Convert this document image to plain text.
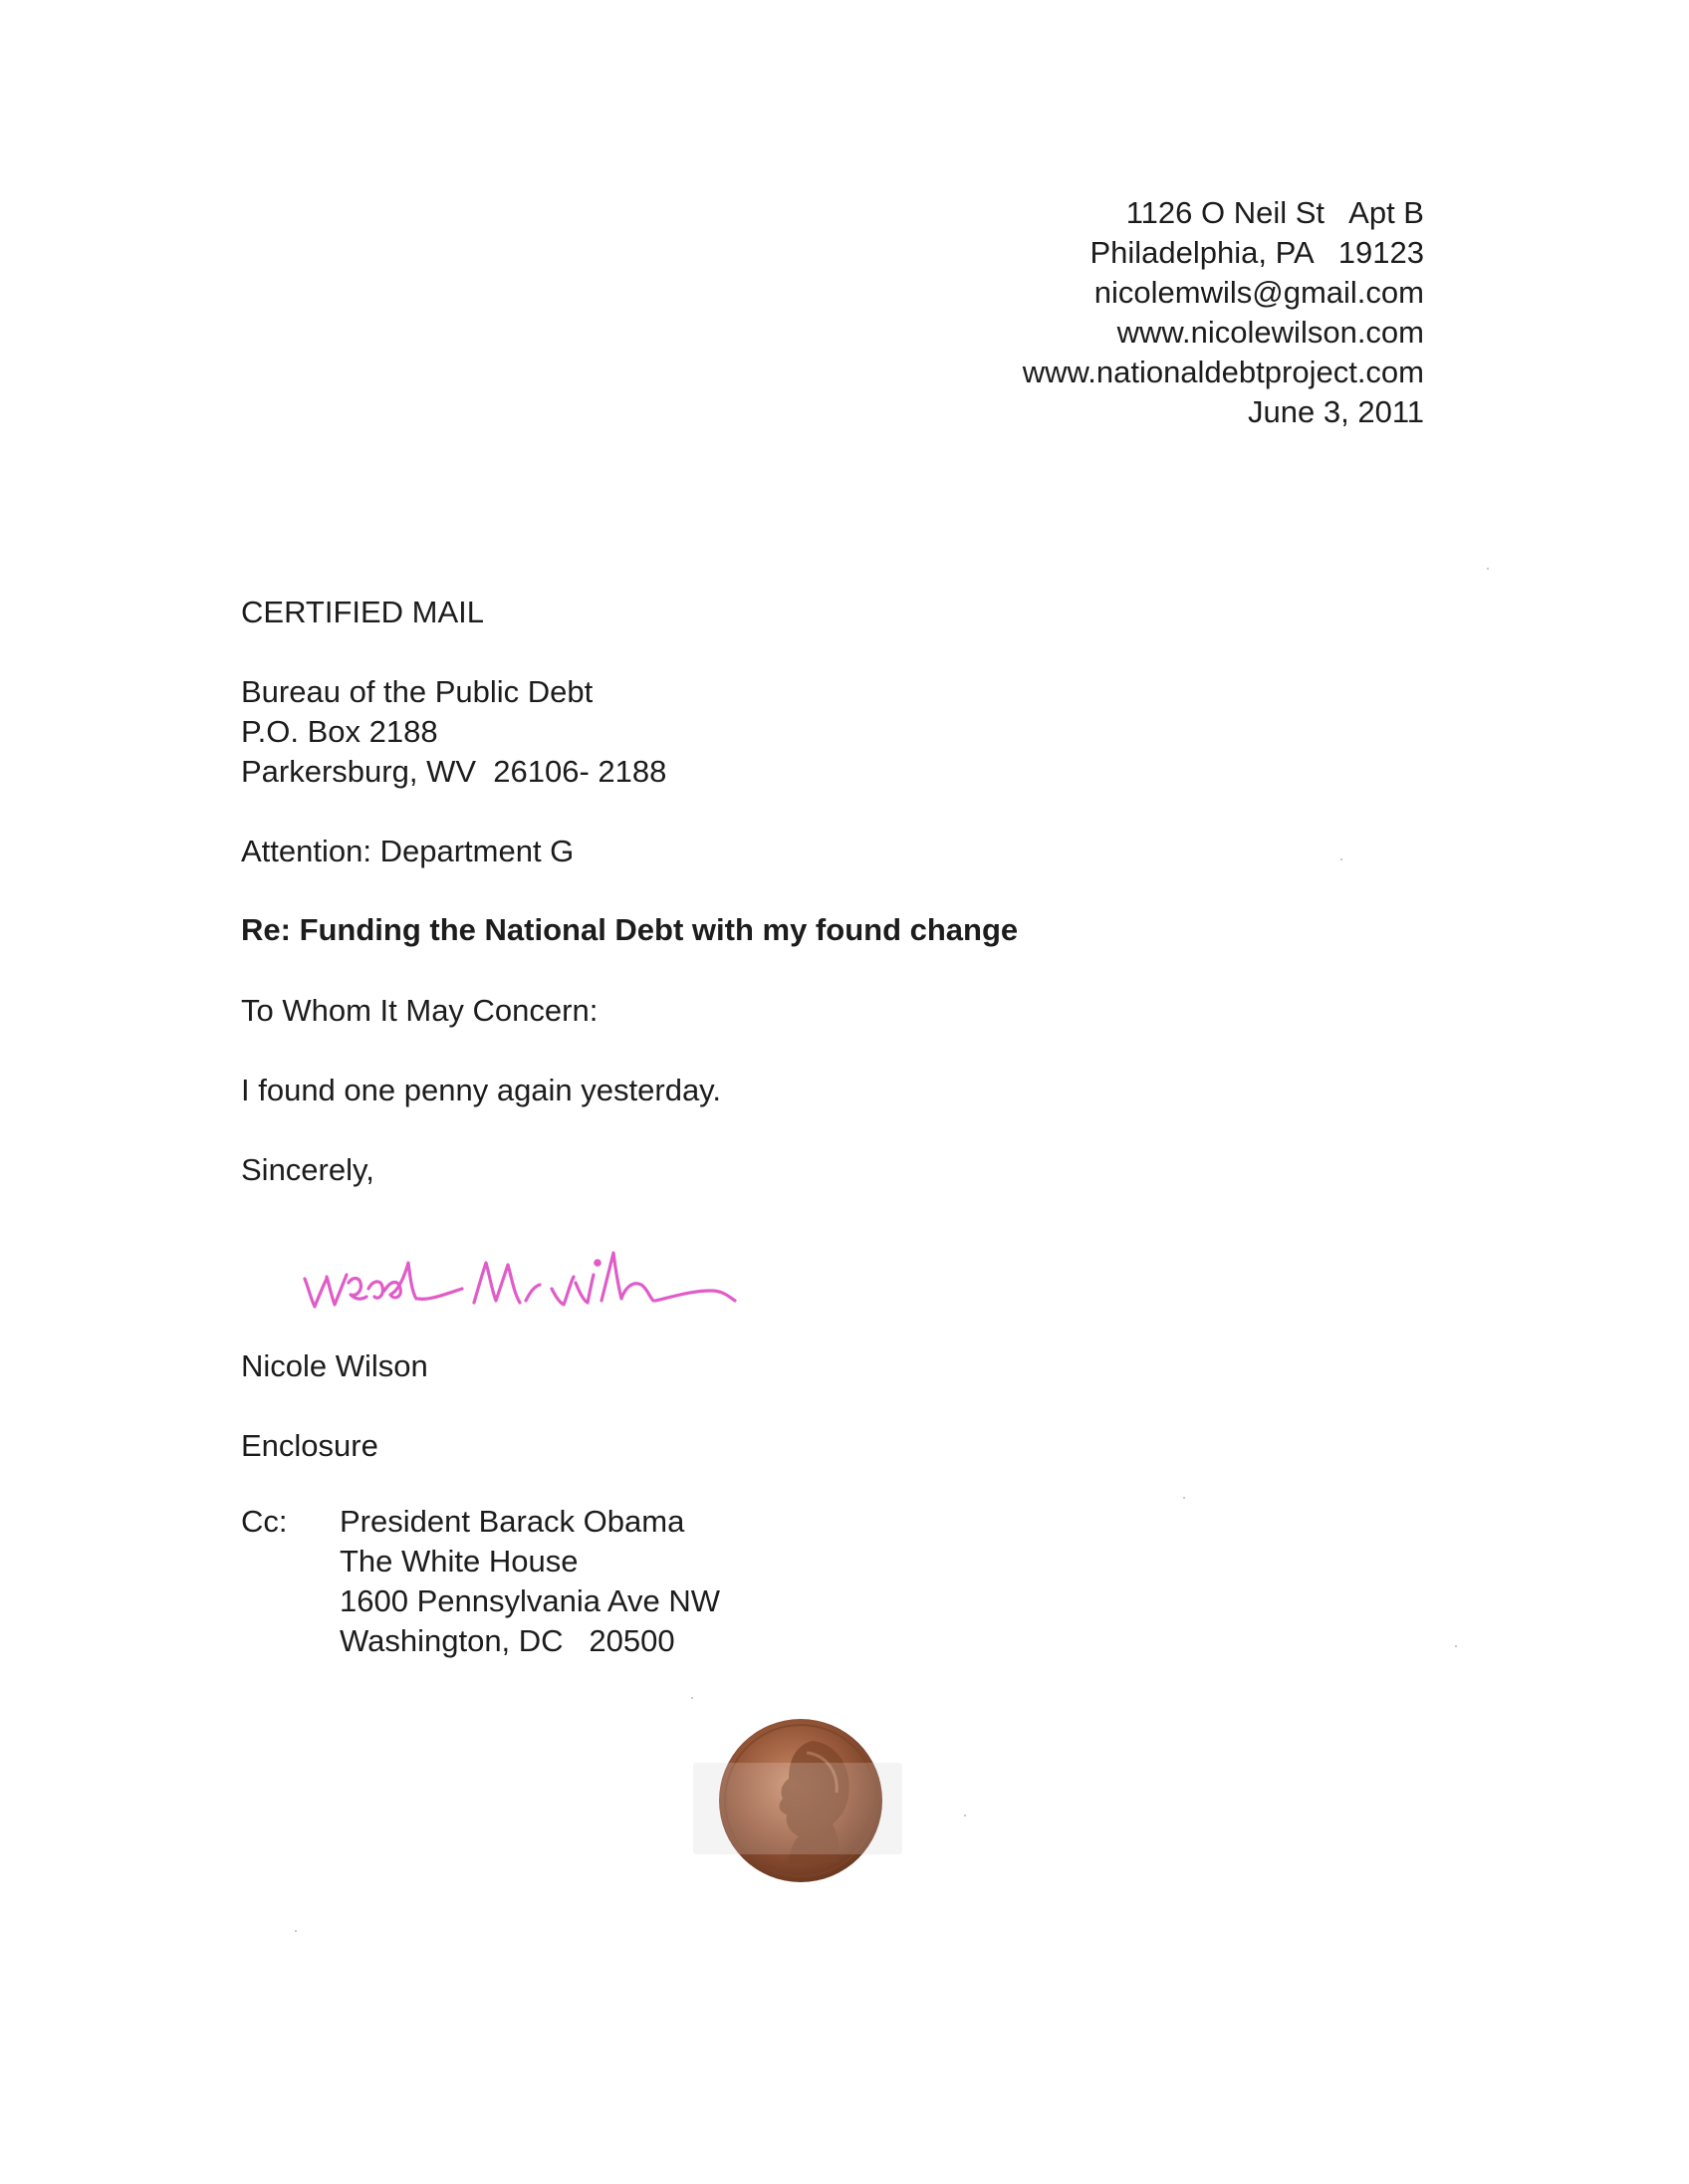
1126 O Neil St   Apt B
Philadelphia, PA   19123
nicolemwils@gmail.com
www.nicolewilson.com
www.nationaldebtproject.com
June 3, 2011
CERTIFIED MAIL
Bureau of the Public Debt
P.O. Box 2188
Parkersburg, WV  26106- 2188
Attention: Department G
Re: Funding the National Debt with my found change
To Whom It May Concern:
I found one penny again yesterday.
Sincerely,
Nicole Wilson
Enclosure
Cc: President Barack Obama
The White House
1600 Pennsylvania Ave NW
Washington, DC   20500
